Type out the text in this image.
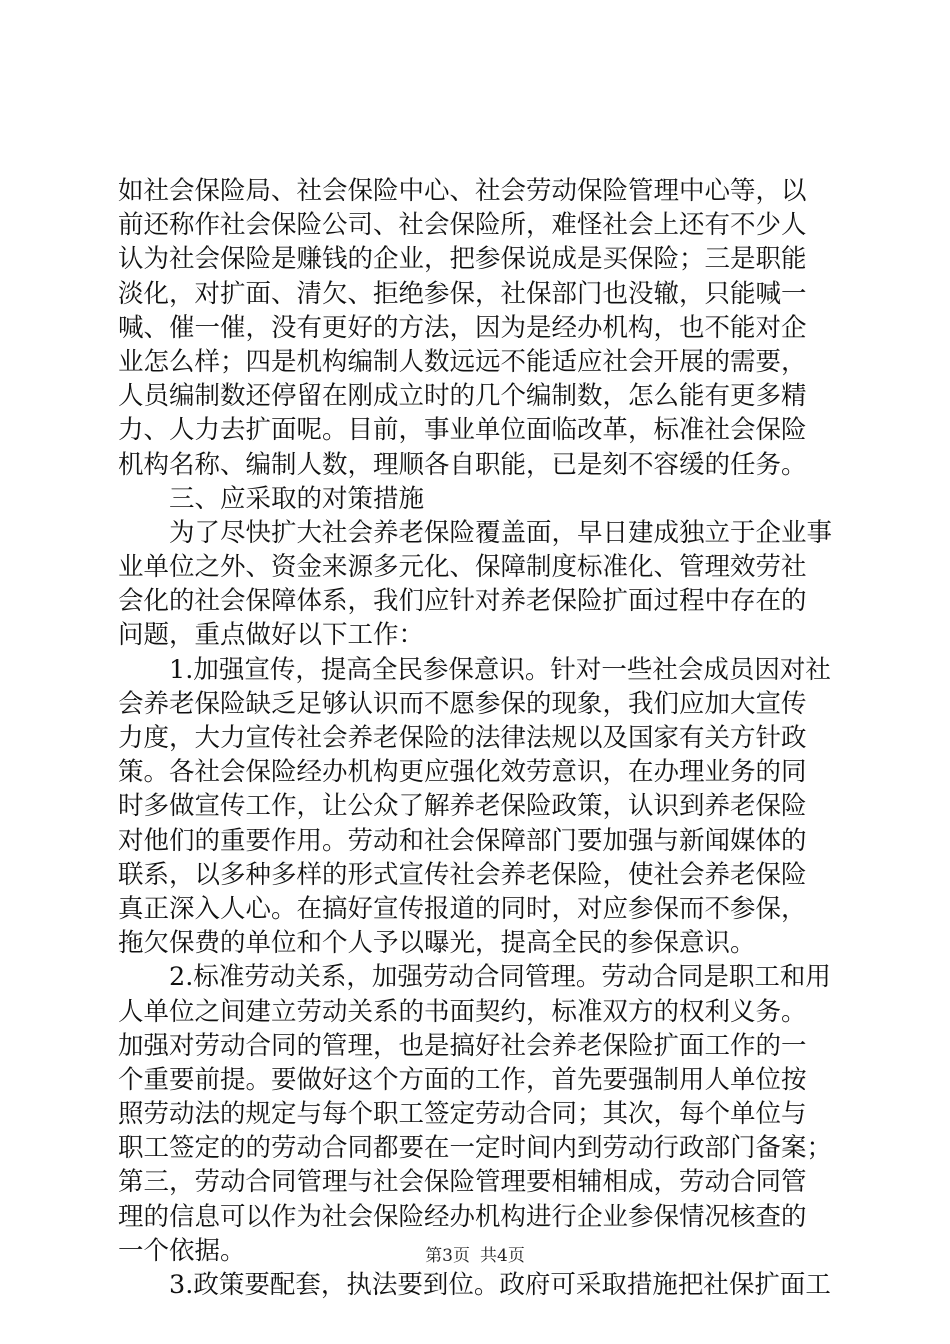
如社会保险局、社会保险中心、社会劳动保险管理中心等，以
前还称作社会保险公司、社会保险所，难怪社会上还有不少人
认为社会保险是赚钱的企业，把参保说成是买保险；三是职能
淡化，对扩面、清欠、拒绝参保，社保部门也没辙，只能喊一
喊、催一催，没有更好的方法，因为是经办机构，也不能对企
业怎么样；四是机构编制人数远远不能适应社会开展的需要，
人员编制数还停留在刚成立时的几个编制数，怎么能有更多精
力、人力去扩面呢。目前，事业单位面临改革，标准社会保险
机构名称、编制人数，理顺各自职能，已是刻不容缓的任务。
三、应采取的对策措施
为了尽快扩大社会养老保险覆盖面，早日建成独立于企业事
业单位之外、资金来源多元化、保障制度标准化、管理效劳社
会化的社会保障体系，我们应针对养老保险扩面过程中存在的
问题，重点做好以下工作：
1.加强宣传，提高全民参保意识。针对一些社会成员因对社
会养老保险缺乏足够认识而不愿参保的现象，我们应加大宣传
力度，大力宣传社会养老保险的法律法规以及国家有关方针政
策。各社会保险经办机构更应强化效劳意识，在办理业务的同
时多做宣传工作，让公众了解养老保险政策，认识到养老保险
对他们的重要作用。劳动和社会保障部门要加强与新闻媒体的
联系，以多种多样的形式宣传社会养老保险，使社会养老保险
真正深入人心。在搞好宣传报道的同时，对应参保而不参保，
拖欠保费的单位和个人予以曝光，提高全民的参保意识。
2.标准劳动关系，加强劳动合同管理。劳动合同是职工和用
人单位之间建立劳动关系的书面契约，标准双方的权利义务。
加强对劳动合同的管理，也是搞好社会养老保险扩面工作的一
个重要前提。要做好这个方面的工作，首先要强制用人单位按
照劳动法的规定与每个职工签定劳动合同；其次，每个单位与
职工签定的的劳动合同都要在一定时间内到劳动行政部门备案；
第三，劳动合同管理与社会保险管理要相辅相成，劳动合同管
理的信息可以作为社会保险经办机构进行企业参保情况核查的
一个依据。
3.政策要配套，执法要到位。政府可采取措施把社保扩面工
第3页 共4页
